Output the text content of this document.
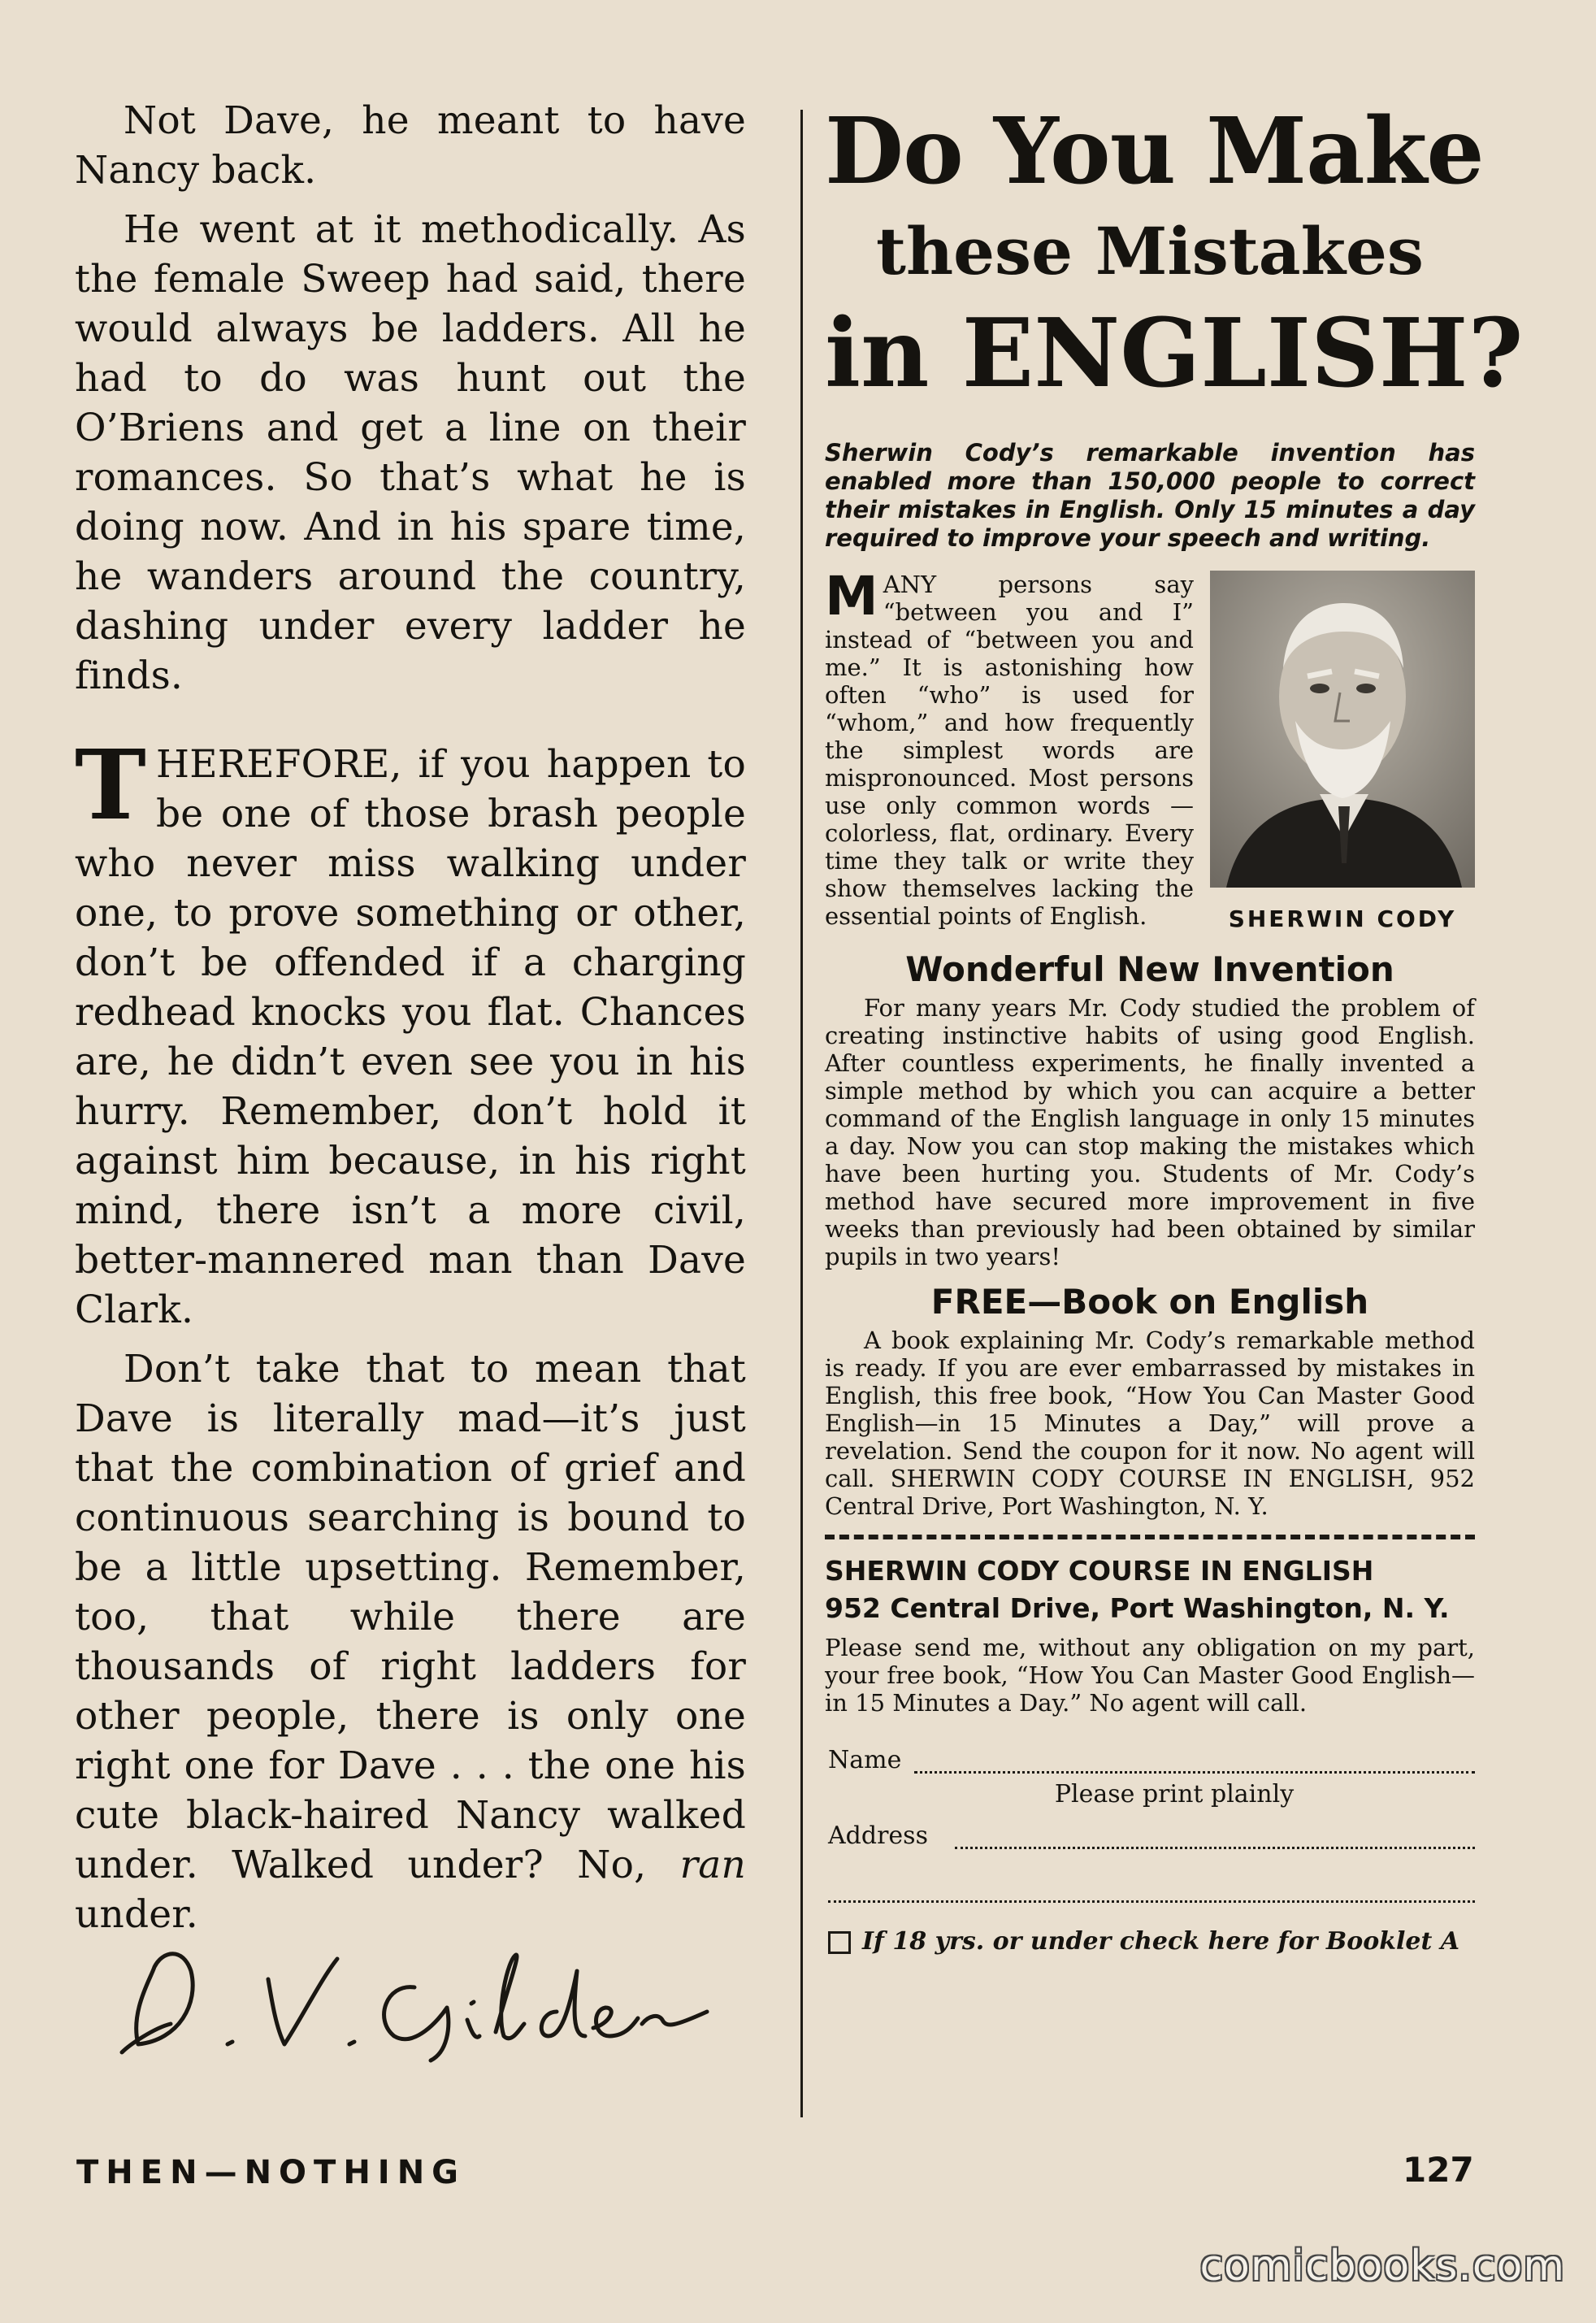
Not Dave, he meant to have Nancy back.

He went at it methodically. As the female Sweep had said, there would always be ladders. All he had to do was hunt out the O’Briens and get a line on their romances. So that’s what he is doing now. And in his spare time, he wanders around the country, dashing under every ladder he finds.

THEREFORE, if you happen to be one of those brash people who never miss walking under one, to prove something or other, don’t be offended if a charging redhead knocks you flat. Chances are, he didn’t even see you in his hurry. Remember, don’t hold it against him because, in his right mind, there isn’t a more civil, better-mannered man than Dave Clark.

Don’t take that to mean that Dave is literally mad—it’s just that the combination of grief and continuous searching is bound to be a little upsetting. Remember, too, that while there are thousands of right ladders for other people, there is only one right one for Dave . . . the one his cute black-haired Nancy walked under. Walked under? No, ran under.

Do You Make
these Mistakes
in ENGLISH?

Sherwin Cody’s remarkable invention has enabled more than 150,000 people to correct their mistakes in English. Only 15 minutes a day required to improve your speech and writing.

SHERWIN CODY
M ANY persons say “between you and I” instead of “between you and me.” It is astonishing how often “who” is used for “whom,” and how frequently the simplest words are mispronounced. Most persons use only common words — colorless, flat, ordinary. Every time they talk or write they show themselves lacking the essential points of English.
Wonderful New Invention

For many years Mr. Cody studied the problem of creating instinctive habits of using good English. After countless experiments, he finally invented a simple method by which you can acquire a better command of the English language in only 15 minutes a day. Now you can stop making the mistakes which have been hurting you. Students of Mr. Cody’s method have secured more improvement in five weeks than previously had been obtained by similar pupils in two years!

FREE—Book on English

A book explaining Mr. Cody’s remarkable method is ready. If you are ever embarrassed by mistakes in English, this free book, “How You Can Master Good English—in 15 Minutes a Day,” will prove a revelation. Send the coupon for it now. No agent will call. SHERWIN CODY COURSE IN ENGLISH, 952 Central Drive, Port Washington, N. Y.

SHERWIN CODY COURSE IN ENGLISH
952 Central Drive, Port Washington, N. Y.

Please send me, without any obligation on my part, your free book, “How You Can Master Good English—in 15 Minutes a Day.” No agent will call.

Name
Please print plainly
Address
If 18 yrs. or under check here for Booklet A
THEN—NOTHING	127
comicbooks.com
